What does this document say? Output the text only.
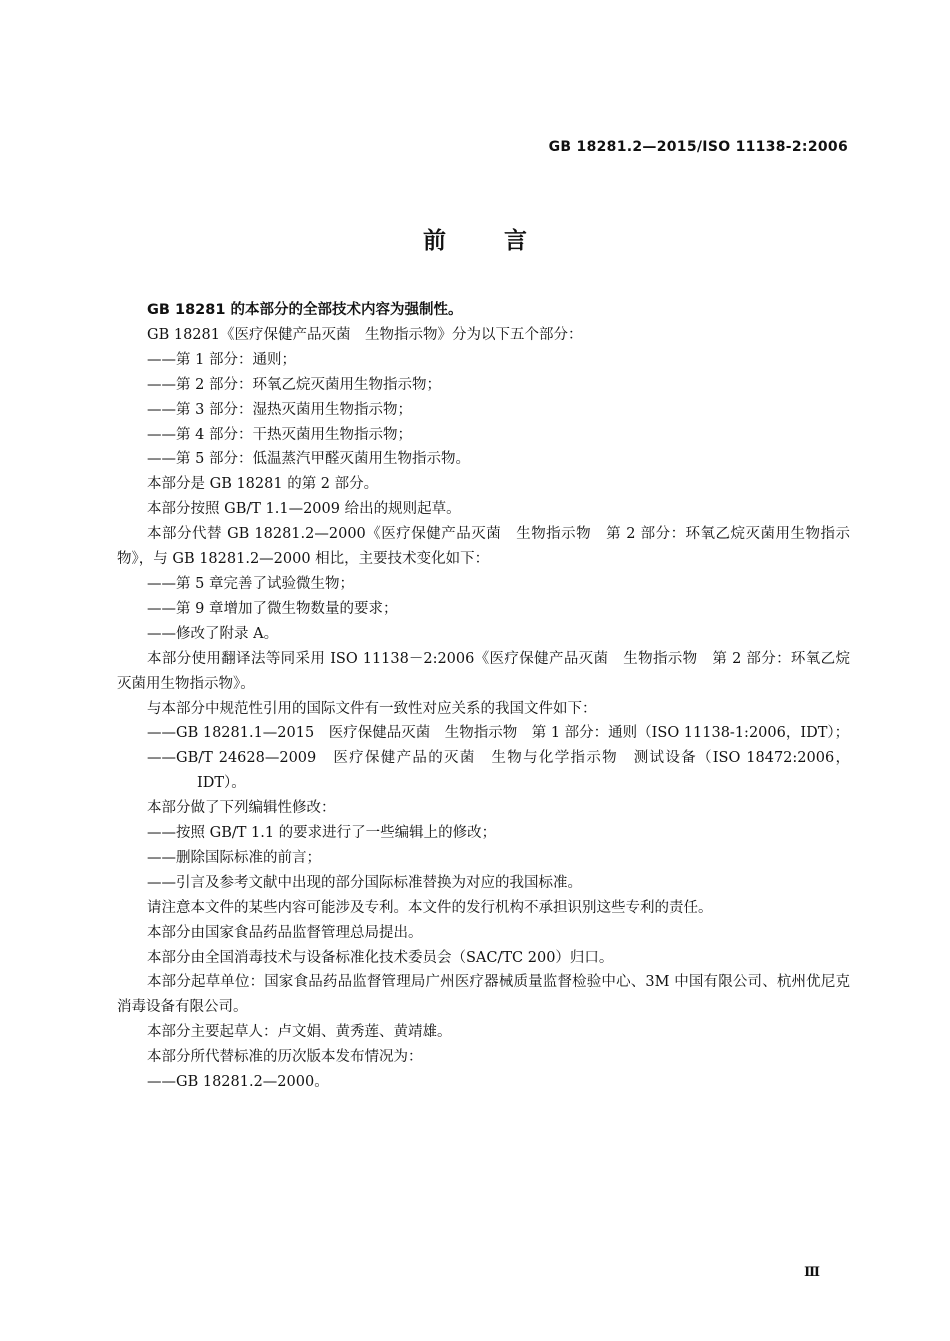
GB 18281.2—2015/ISO 11138-2:2006
前言

GB 18281 的本部分的全部技术内容为强制性。

GB 18281《医疗保健产品灭菌　生物指示物》分为以下五个部分：

——第 1 部分：通则；

——第 2 部分：环氧乙烷灭菌用生物指示物；

——第 3 部分：湿热灭菌用生物指示物；

——第 4 部分：干热灭菌用生物指示物；

——第 5 部分：低温蒸汽甲醛灭菌用生物指示物。

本部分是 GB 18281 的第 2 部分。

本部分按照 GB/T 1.1—2009 给出的规则起草。

本部分代替 GB 18281.2—2000《医疗保健产品灭菌　生物指示物　第 2 部分：环氧乙烷灭菌用生物指示物》，与 GB 18281.2—2000 相比，主要技术变化如下：

——第 5 章完善了试验微生物；

——第 9 章增加了微生物数量的要求；

——修改了附录 A。

本部分使用翻译法等同采用 ISO 11138－2:2006《医疗保健产品灭菌　生物指示物　第 2 部分：环氧乙烷灭菌用生物指示物》。

与本部分中规范性引用的国际文件有一致性对应关系的我国文件如下：

——GB 18281.1—2015　医疗保健品灭菌　生物指示物　第 1 部分：通则（ISO 11138-1:2006，IDT）；

——GB/T 24628—2009　医疗保健产品的灭菌　生物与化学指示物　测试设备（ISO 18472:2006，IDT）。

本部分做了下列编辑性修改：

——按照 GB/T 1.1 的要求进行了一些编辑上的修改；

——删除国际标准的前言；

——引言及参考文献中出现的部分国际标准替换为对应的我国标准。

请注意本文件的某些内容可能涉及专利。本文件的发行机构不承担识别这些专利的责任。

本部分由国家食品药品监督管理总局提出。

本部分由全国消毒技术与设备标准化技术委员会（SAC/TC 200）归口。

本部分起草单位：国家食品药品监督管理局广州医疗器械质量监督检验中心、3M 中国有限公司、杭州优尼克消毒设备有限公司。

本部分主要起草人：卢文娟、黄秀莲、黄靖雄。

本部分所代替标准的历次版本发布情况为：

——GB 18281.2—2000。

Ⅲ
